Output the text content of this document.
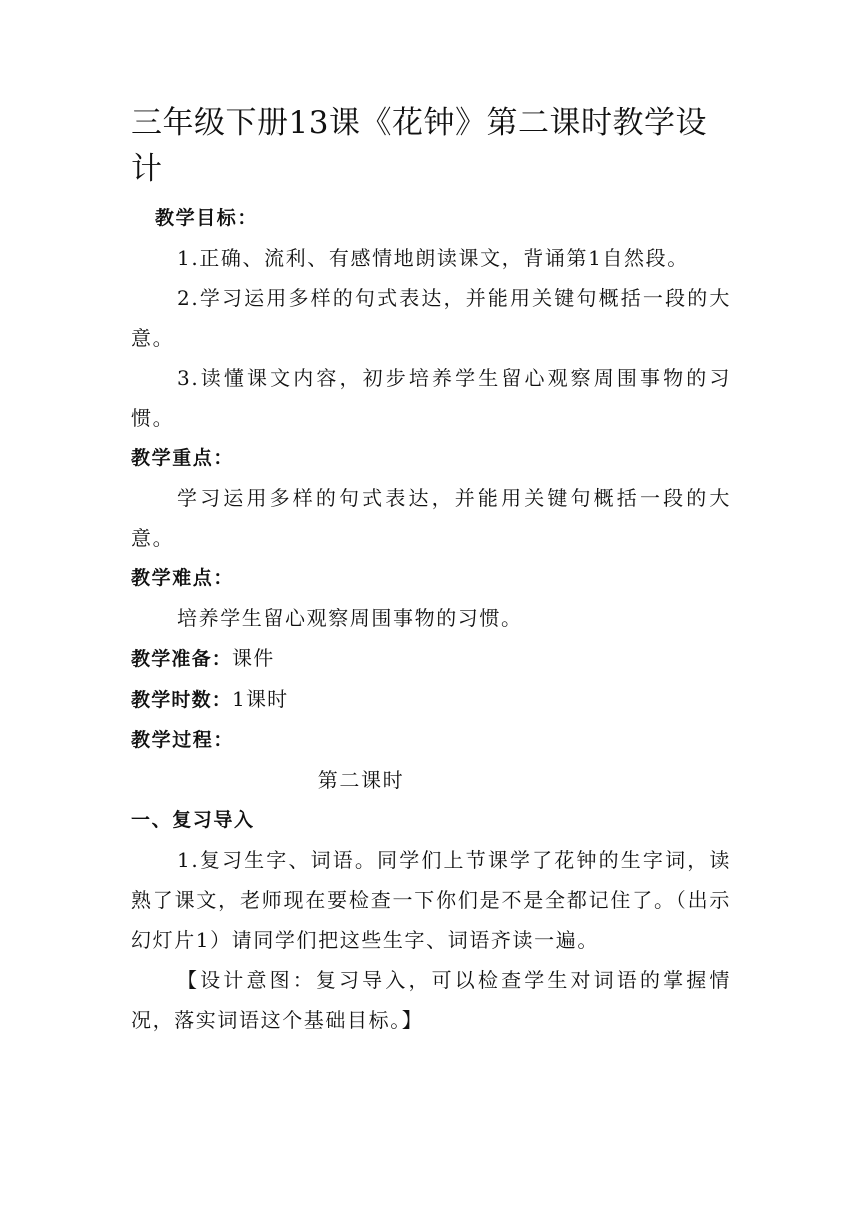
三年级下册13课《花钟》第二课时教学设计

教学目标：

1.正确、流利、有感情地朗读课文，背诵第1自然段。

2.学习运用多样的句式表达，并能用关键句概括一段的大意。

3.读懂课文内容，初步培养学生留心观察周围事物的习惯。

教学重点：

学习运用多样的句式表达，并能用关键句概括一段的大意。

教学难点：

培养学生留心观察周围事物的习惯。

教学准备：课件

教学时数：1课时

教学过程：

第二课时

一、复习导入

1.复习生字、词语。同学们上节课学了花钟的生字词，读熟了课文，老师现在要检查一下你们是不是全都记住了。（出示幻灯片1）请同学们把这些生字、词语齐读一遍。

【设计意图：复习导入，可以检查学生对词语的掌握情况，落实词语这个基础目标。】
